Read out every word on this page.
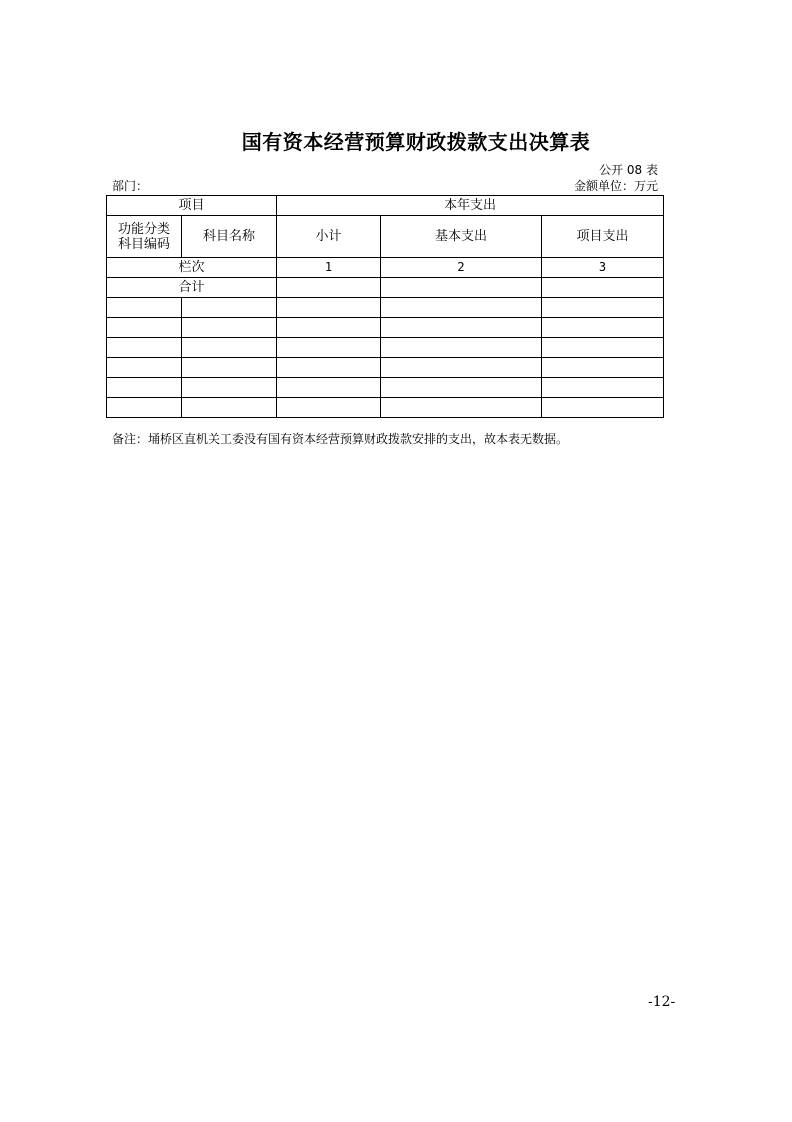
国有资本经营预算财政拨款支出决算表
公开 08 表
部门：	金额单位：万元
项目		本年支出		
功能分类科目编码	科目名称	小计	基本支出	项目支出
栏次		1	2	3
合计				

备注：埇桥区直机关工委没有国有资本经营预算财政拨款安排的支出，故本表无数据。
-12-
